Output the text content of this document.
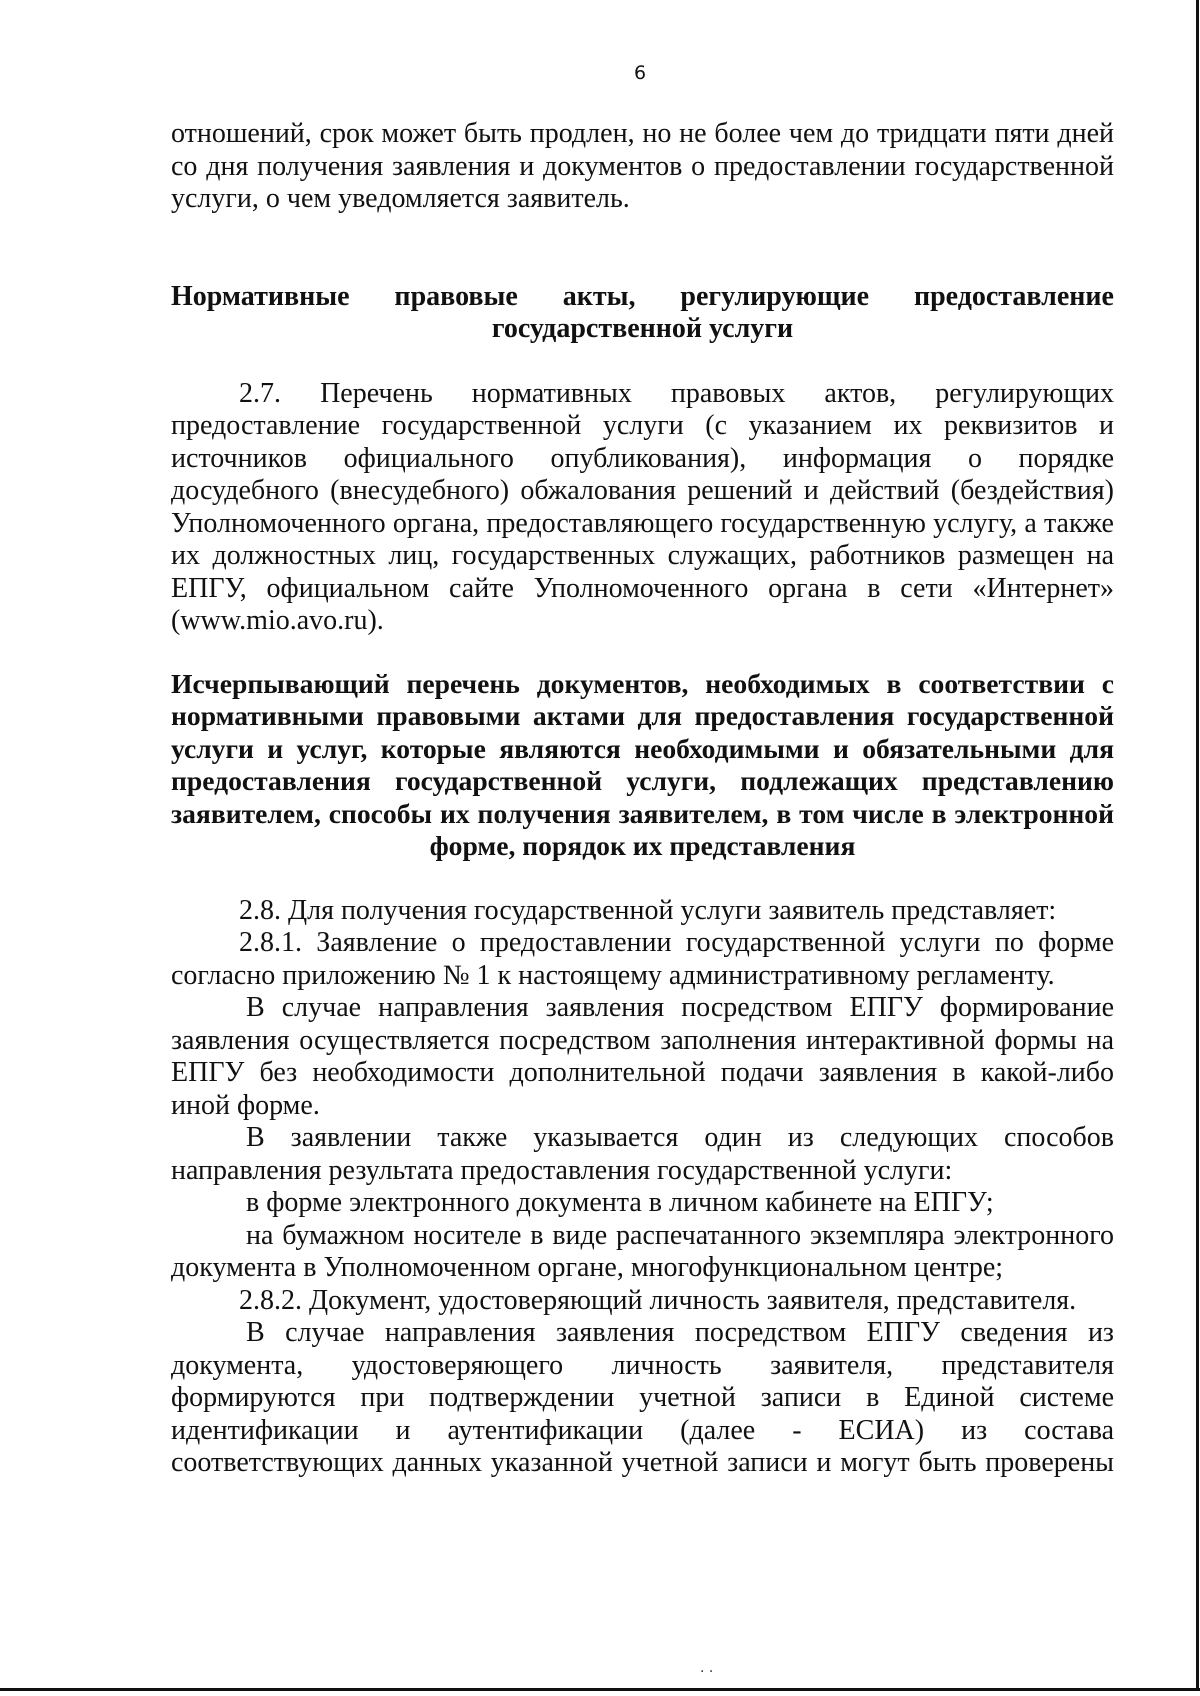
6

отношений, срок может быть продлен, но не более чем до тридцати пяти дней со дня получения заявления и документов о предоставлении государственной услуги, о чем уведомляется заявитель.

Нормативные правовые акты, регулирующие предоставление государственной услуги

2.7. Перечень нормативных правовых актов, регулирующих предоставление государственной услуги (с указанием их реквизитов и источников официального опубликования), информация о порядке досудебного (внесудебного) обжалования решений и действий (бездействия) Уполномоченного органа, предоставляющего государственную услугу, а также их должностных лиц, государственных служащих, работников размещен на ЕПГУ, официальном сайте Уполномоченного органа в сети «Интернет» (www.mio.avo.ru).

Исчерпывающий перечень документов, необходимых в соответствии с нормативными правовыми актами для предоставления государственной услуги и услуг, которые являются необходимыми и обязательными для предоставления государственной услуги, подлежащих представлению заявителем, способы их получения заявителем, в том числе в электронной форме, порядок их представления

2.8. Для получения государственной услуги заявитель представляет:

2.8.1. Заявление о предоставлении государственной услуги по форме согласно приложению № 1 к настоящему административному регламенту.

В случае направления заявления посредством ЕПГУ формирование заявления осуществляется посредством заполнения интерактивной формы на ЕПГУ без необходимости дополнительной подачи заявления в какой-либо иной форме.

В заявлении также указывается один из следующих способов направления результата предоставления государственной услуги:

в форме электронного документа в личном кабинете на ЕПГУ;

на бумажном носителе в виде распечатанного экземпляра электронного документа в Уполномоченном органе, многофункциональном центре;

2.8.2. Документ, удостоверяющий личность заявителя, представителя.

В случае направления заявления посредством ЕПГУ сведения из документа, удостоверяющего личность заявителя, представителя формируются при подтверждении учетной записи в Единой системе идентификации и аутентификации (далее - ЕСИА) из состава соответствующих данных указанной учетной записи и могут быть проверены

· ·
